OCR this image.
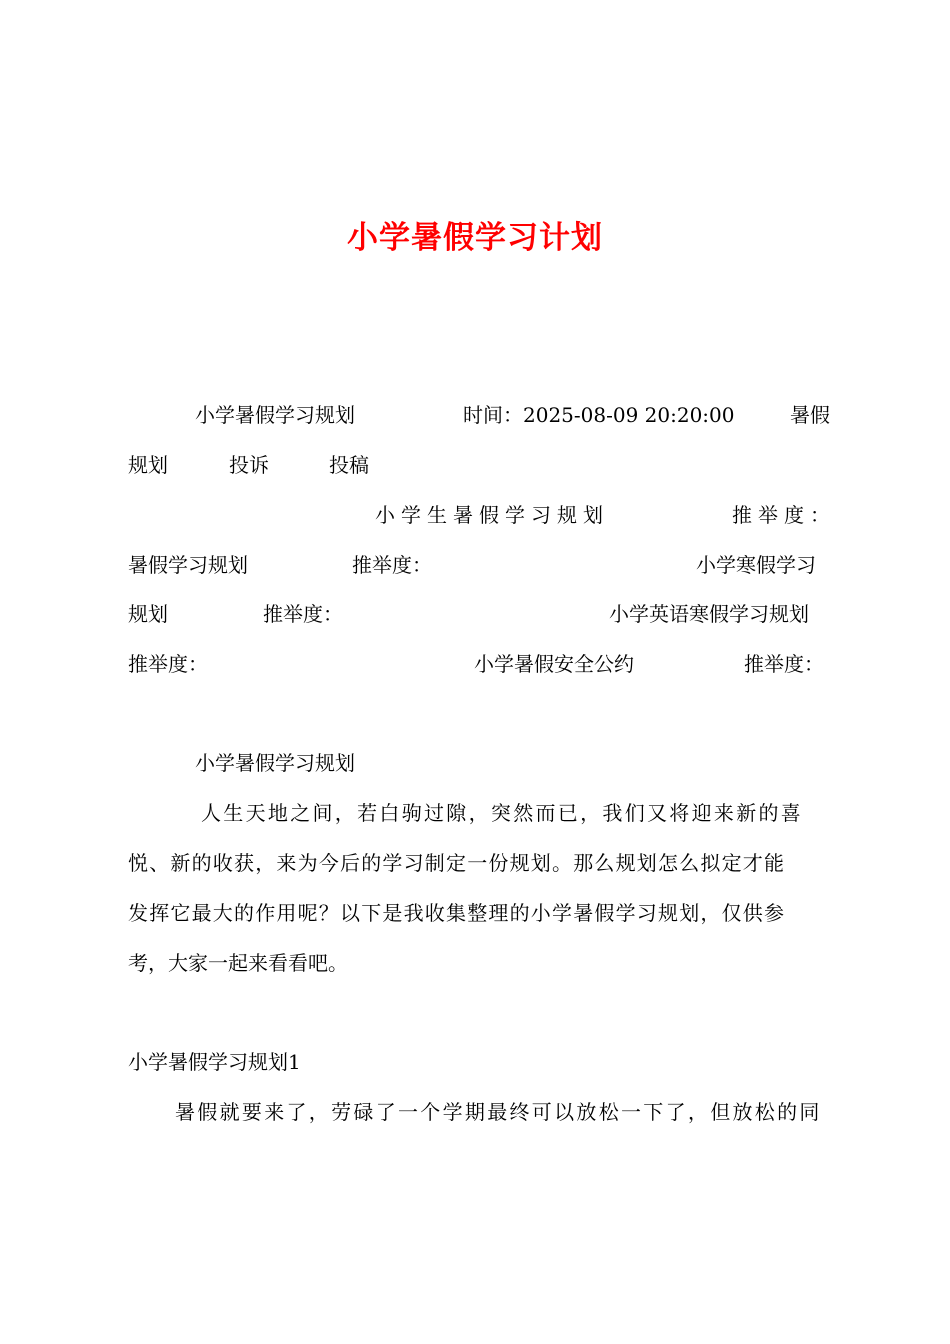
小学暑假学习计划
小学暑假学习规划	时间：2025-08-09 20:20:00	暑假
规划	投诉	投稿
小学生暑假学习规划	推举度：
暑假学习规划	推举度：	小学寒假学习
规划	推举度：	小学英语寒假学习规划
推举度：	小学暑假安全公约	推举度：
小学暑假学习规划
人生天地之间，若白驹过隙，突然而已，我们又将迎来新的喜
悦、新的收获，来为今后的学习制定一份规划。那么规划怎么拟定才能
发挥它最大的作用呢？以下是我收集整理的小学暑假学习规划，仅供参
考，大家一起来看看吧。
小学暑假学习规划1
暑假就要来了，劳碌了一个学期最终可以放松一下了，但放松的同
